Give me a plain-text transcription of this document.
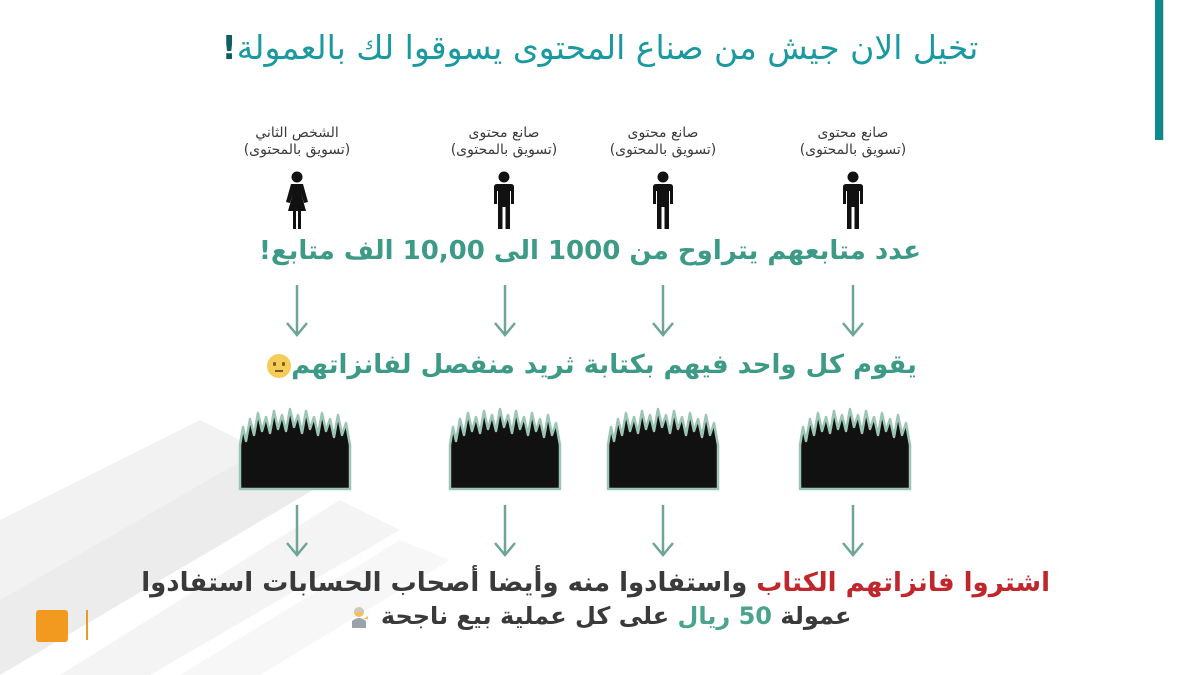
تخيل الان جيش من صناع المحتوى يسوقوا لك بالعمولة!
الشخص الثاني
(تسويق بالمحتوى)
صانع محتوى
(تسويق بالمحتوى)
صانع محتوى
(تسويق بالمحتوى)
صانع محتوى
(تسويق بالمحتوى)
عدد متابعهم يتراوح من 1000 الى 10,00 الف متابع!
يقوم كل واحد فيهم بكتابة ثريد منفصل لفانزاتهم
اشتروا فانزاتهم الكتاب واستفادوا منه وأيضا أصحاب الحسابات استفادوا
عمولة 50 ريال على كل عملية بيع ناجحة
